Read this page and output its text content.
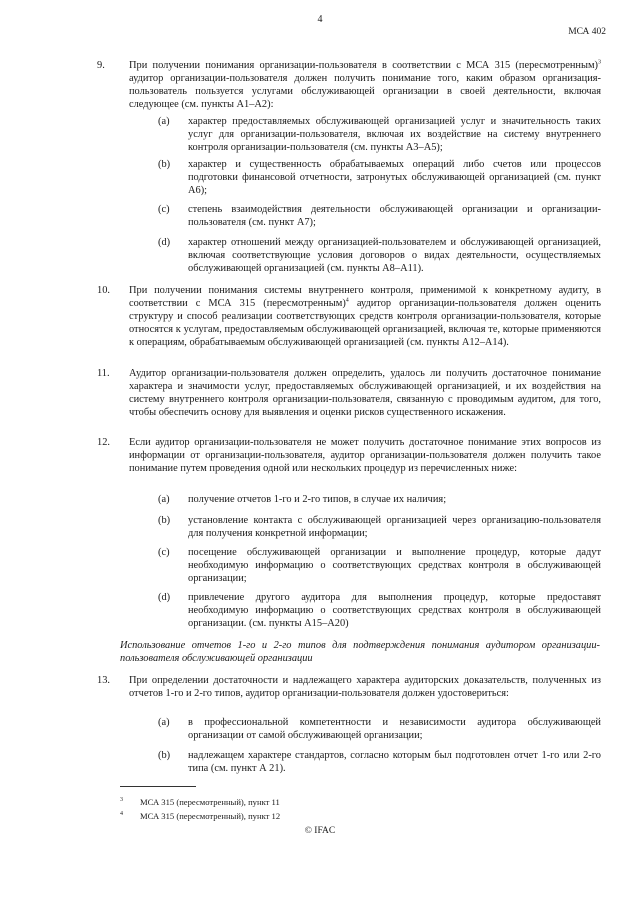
4
МСА 402
9. При получении понимания организации-пользователя в соответствии с МСА 315 (пересмотренным)$^3$ аудитор организации-пользователя должен получить понимание того, каким образом организация-пользователь пользуется услугами обслуживающей организации в своей деятельности, включая следующее (см. пункты А1–А2):
(a) характер предоставляемых обслуживающей организацией услуг и значительность таких услуг для организации-пользователя, включая их воздействие на систему внутреннего контроля организации-пользователя (см. пункты А3–А5);
(b) характер и существенность обрабатываемых операций либо счетов или процессов подготовки финансовой отчетности, затронутых обслуживающей организацией (см. пункт А6);
(c) степень взаимодействия деятельности обслуживающей организации и организации-пользователя (см. пункт А7);
(d) характер отношений между организацией-пользователем и обслуживающей организацией, включая соответствующие условия договоров о видах деятельности, осуществляемых обслуживающей организацией (см. пункты А8–А11).
10. При получении понимания системы внутреннего контроля, применимой к конкретному аудиту, в соответствии с МСА 315 (пересмотренным)$^4$ аудитор организации-пользователя должен оценить структуру и способ реализации соответствующих средств контроля организации-пользователя, которые относятся к услугам, предоставляемым обслуживающей организацией, включая те, которые применяются к операциям, обрабатываемым обслуживающей организацией (см. пункты А12–А14).
11. Аудитор организации-пользователя должен определить, удалось ли получить достаточное понимание характера и значимости услуг, предоставляемых обслуживающей организацией, и их воздействия на систему внутреннего контроля организации-пользователя, связанную с проводимым аудитом, для того, чтобы обеспечить основу для выявления и оценки рисков существенного искажения.
12. Если аудитор организации-пользователя не может получить достаточное понимание этих вопросов из информации от организации-пользователя, аудитор организации-пользователя должен получить такое понимание путем проведения одной или нескольких процедур из перечисленных ниже:
(a) получение отчетов 1-го и 2-го типов, в случае их наличия;
(b) установление контакта с обслуживающей организацией через организацию-пользователя для получения конкретной информации;
(c) посещение обслуживающей организации и выполнение процедур, которые дадут необходимую информацию о соответствующих средствах контроля в обслуживающей организации;
(d) привлечение другого аудитора для выполнения процедур, которые предоставят необходимую информацию о соответствующих средствах контроля в обслуживающей организации. (см. пункты А15–А20)
Использование отчетов 1-го и 2-го типов для подтверждения понимания аудитором организации-пользователя обслуживающей организации
13. При определении достаточности и надлежащего характера аудиторских доказательств, полученных из отчетов 1-го и 2-го типов, аудитор организации-пользователя должен удостовериться:
(a) в профессиональной компетентности и независимости аудитора обслуживающей организации от самой обслуживающей организации;
(b) надлежащем характере стандартов, согласно которым был подготовлен отчет 1-го или 2-го типа (см. пункт А 21).
3 МСА 315 (пересмотренный), пункт 11
4 МСА 315 (пересмотренный), пункт 12
© IFAC
